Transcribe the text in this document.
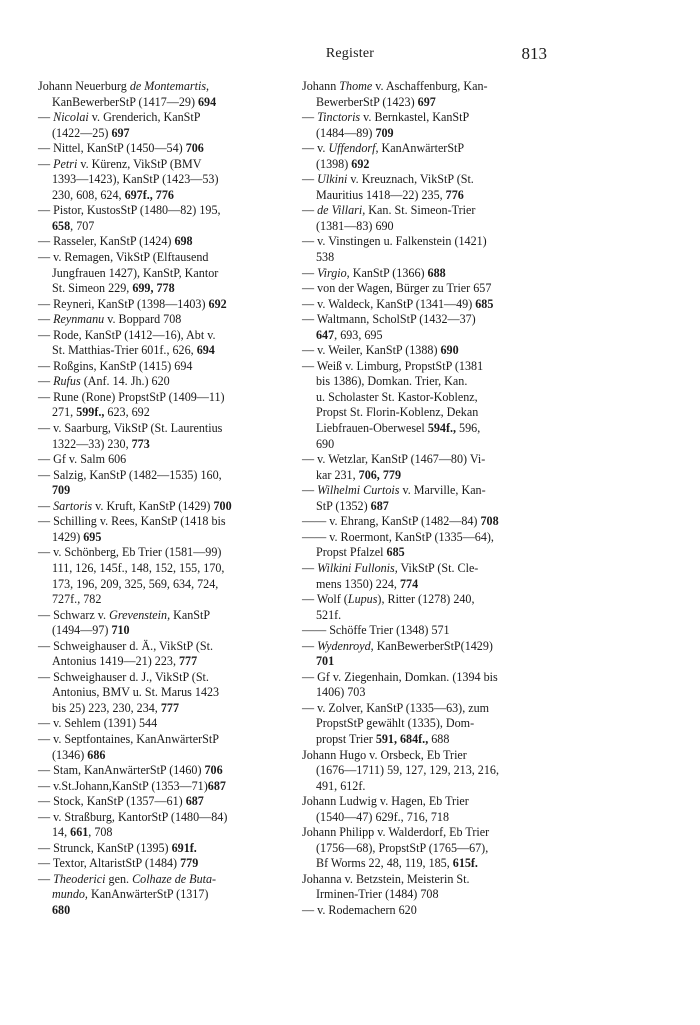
Register	813
Johann Neuerburg de Montemartis,
KanBewerberStP (1417—29) 694
— Nicolai v. Grenderich, KanStP
(1422—25) 697
— Nittel, KanStP (1450—54) 706
— Petri v. Kürenz, VikStP (BMV
1393—1423), KanStP (1423—53)
230, 608, 624, 697f., 776
— Pistor, KustosStP (1480—82) 195,
658, 707
— Rasseler, KanStP (1424) 698
— v. Remagen, VikStP (Elftausend
Jungfrauen 1427), KanStP, Kantor
St. Simeon 229, 699, 778
— Reyneri, KanStP (1398—1403) 692
— Reynmanu v. Boppard 708
— Rode, KanStP (1412—16), Abt v.
St. Matthias-Trier 601f., 626, 694
— Roßgins, KanStP (1415) 694
— Rufus (Anf. 14. Jh.) 620
— Rune (Rone) PropstStP (1409—11)
271, 599f., 623, 692
— v. Saarburg, VikStP (St. Laurentius
1322—33) 230, 773
— Gf v. Salm 606
— Salzig, KanStP (1482—1535) 160,
709
— Sartoris v. Kruft, KanStP (1429) 700
— Schilling v. Rees, KanStP (1418 bis
1429) 695
— v. Schönberg, Eb Trier (1581—99)
111, 126, 145f., 148, 152, 155, 170,
173, 196, 209, 325, 569, 634, 724,
727f., 782
— Schwarz v. Grevenstein, KanStP
(1494—97) 710
— Schweighauser d. Ä., VikStP (St.
Antonius 1419—21) 223, 777
— Schweighauser d. J., VikStP (St.
Antonius, BMV u. St. Marus 1423
bis 25) 223, 230, 234, 777
— v. Sehlem (1391) 544
— v. Septfontaines, KanAnwärterStP
(1346) 686
— Stam, KanAnwärterStP (1460) 706
— v.St.Johann,KanStP (1353—71)687
— Stock, KanStP (1357—61) 687
— v. Straßburg, KantorStP (1480—84)
14, 661, 708
— Strunck, KanStP (1395) 691f.
— Textor, AltaristStP (1484) 779
— Theoderici gen. Colhaze de Buta-
mundo, KanAnwärterStP (1317)
680
Johann Thome v. Aschaffenburg, Kan-
BewerberStP (1423) 697
— Tinctoris v. Bernkastel, KanStP
(1484—89) 709
— v. Uffendorf, KanAnwärterStP
(1398) 692
— Ulkini v. Kreuznach, VikStP (St.
Mauritius 1418—22) 235, 776
— de Villari, Kan. St. Simeon-Trier
(1381—83) 690
— v. Vinstingen u. Falkenstein (1421)
538
— Virgio, KanStP (1366) 688
— von der Wagen, Bürger zu Trier 657
— v. Waldeck, KanStP (1341—49) 685
— Waltmann, ScholStP (1432—37)
647, 693, 695
— v. Weiler, KanStP (1388) 690
— Weiß v. Limburg, PropstStP (1381
bis 1386), Domkan. Trier, Kan.
u. Scholaster St. Kastor-Koblenz,
Propst St. Florin-Koblenz, Dekan
Liebfrauen-Oberwesel 594f., 596,
690
— v. Wetzlar, KanStP (1467—80) Vi-
kar 231, 706, 779
— Wilhelmi Curtois v. Marville, Kan-
StP (1352) 687
—— v. Ehrang, KanStP (1482—84) 708
—— v. Roermont, KanStP (1335—64),
Propst Pfalzel 685
— Wilkini Fullonis, VikStP (St. Cle-
mens 1350) 224, 774
— Wolf (Lupus), Ritter (1278) 240,
521f.
—— Schöffe Trier (1348) 571
— Wydenroyd, KanBewerberStP(1429)
701
— Gf v. Ziegenhain, Domkan. (1394 bis
1406) 703
— v. Zolver, KanStP (1335—63), zum
PropstStP gewählt (1335), Dom-
propst Trier 591, 684f., 688
Johann Hugo v. Orsbeck, Eb Trier
(1676—1711) 59, 127, 129, 213, 216,
491, 612f.
Johann Ludwig v. Hagen, Eb Trier
(1540—47) 629f., 716, 718
Johann Philipp v. Walderdorf, Eb Trier
(1756—68), PropstStP (1765—67),
Bf Worms 22, 48, 119, 185, 615f.
Johanna v. Betzstein, Meisterin St.
Irminen-Trier (1484) 708
— v. Rodemachern 620
